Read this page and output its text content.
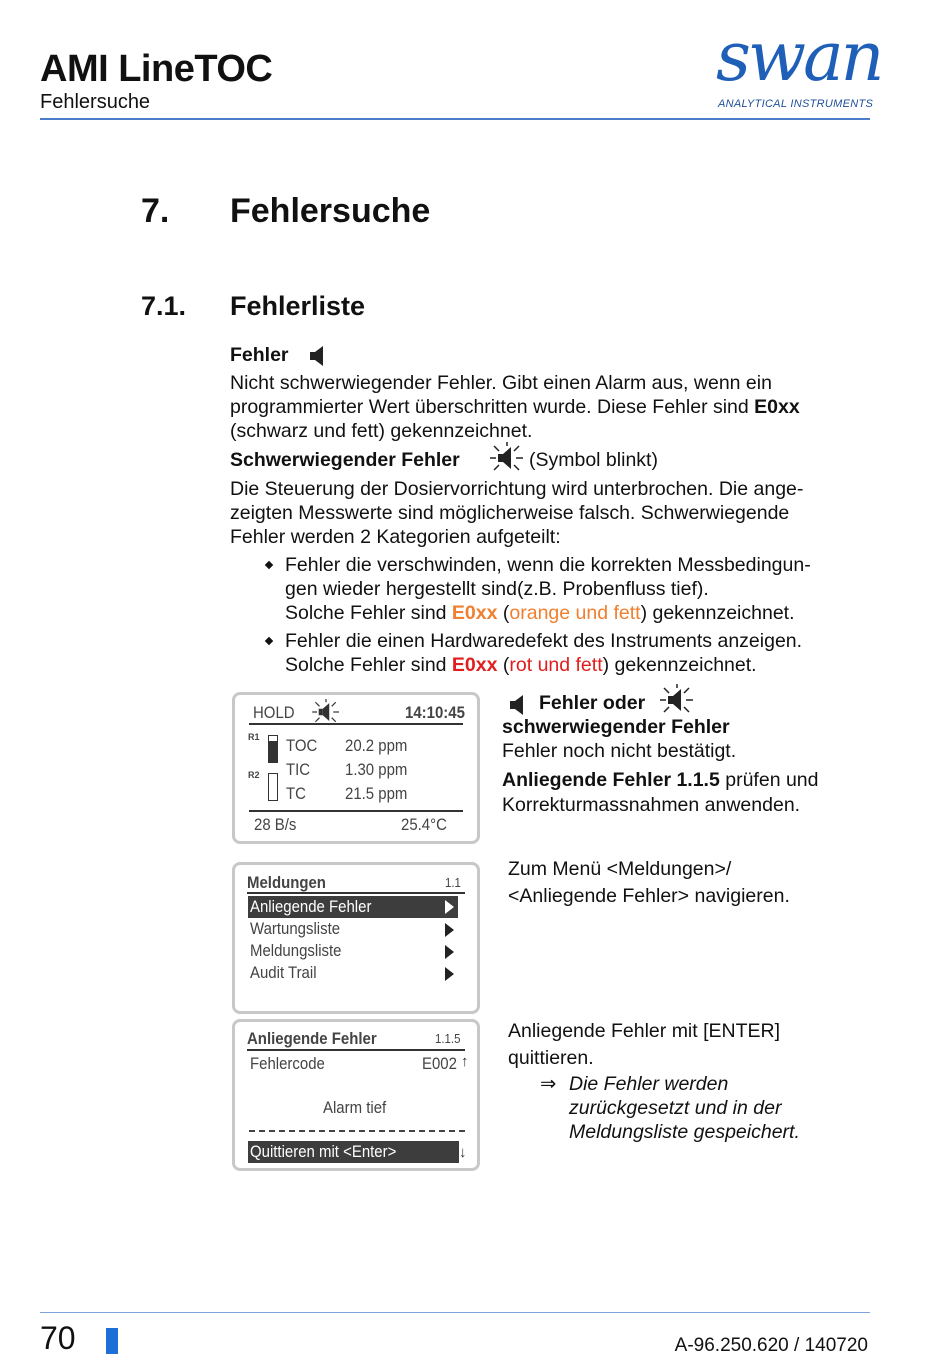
AMI LineTOC
Fehlersuche
swan
ANALYTICAL INSTRUMENTS
7. Fehlersuche
7.1. Fehlerliste
Fehler
Nicht schwerwiegender Fehler. Gibt einen Alarm aus, wenn ein
programmierter Wert überschritten wurde. Diese Fehler sind E0xx
(schwarz und fett) gekennzeichnet.
Schwerwiegender Fehler	(Symbol blinkt)
Die Steuerung der Dosiervorrichtung wird unterbrochen. Die ange-
zeigten Messwerte sind möglicherweise falsch. Schwerwiegende
Fehler werden 2 Kategorien aufgeteilt:
Fehler die verschwinden, wenn die korrekten Messbedingun-
gen wieder hergestellt sind(z.B. Probenfluss tief).
Solche Fehler sind E0xx (orange und fett) gekennzeichnet.
Fehler die einen Hardwaredefekt des Instruments anzeigen.
Solche Fehler sind E0xx (rot und fett) gekennzeichnet.
HOLD	14:10:45
R1
R2
TOC 20.2 ppm
TIC 1.30 ppm
TC 21.5 ppm
28 B/s	25.4°C
Fehler oder
schwerwiegender Fehler
Fehler noch nicht bestätigt.
Anliegende Fehler 1.1.5 prüfen und
Korrekturmassnahmen anwenden.
Meldungen	1.1
Anliegende Fehler
Wartungsliste
Meldungsliste
Audit Trail
Zum Menü <Meldungen>/
<Anliegende Fehler> navigieren.
Anliegende Fehler	1.1.5
Fehlercode	E002 ↑
Alarm tief
Quittieren mit <Enter>	↓
Anliegende Fehler mit [ENTER]
quittieren.
⇒ Die Fehler werden
zurückgesetzt und in der
Meldungsliste gespeichert.
70	A-96.250.620 / 140720
